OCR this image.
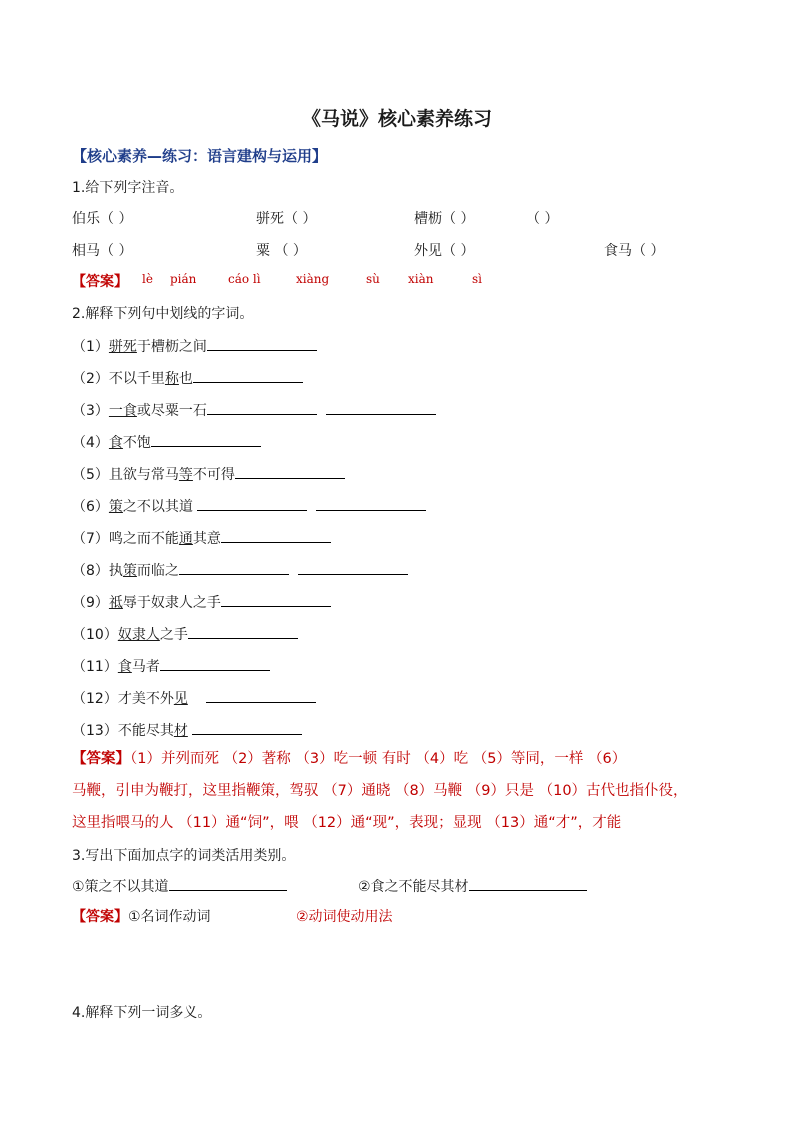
《马说》核心素养练习
【核心素养—练习：语言建构与运用】
1.给下列字注音。
伯乐（ ）	骈死（ ）	槽枥（ ）	（ ）
相马（ ）	粟 （ ）	外见（ ）	食马（ ）
【答案】 lè pián	cáo lì	xiàng	sù xiàn	sì
2.解释下列句中划线的字词。
（1）骈死于槽枥之间
（2）不以千里称也
（3）一食或尽粟一石
（4）食不饱
（5）且欲与常马等不可得
（6）策之不以其道
（7）鸣之而不能通其意
（8）执策而临之
（9）祗辱于奴隶人之手
（10）奴隶人之手
（11）食马者
（12）才美不外见
（13）不能尽其材
【答案】（1）并列而死 （2）著称 （3）吃一顿 有时 （4）吃 （5）等同，一样 （6）
马鞭，引申为鞭打，这里指鞭策，驾驭 （7）通晓 （8）马鞭 （9）只是 （10）古代也指仆役，
这里指喂马的人 （11）通“饲”，喂 （12）通“现”，表现；显现 （13）通“才”，才能
3.写出下面加点字的词类活用类别。
①策之不以其道	②食之不能尽其材
【答案】①名词作动词	②动词使动用法
4.解释下列一词多义。
